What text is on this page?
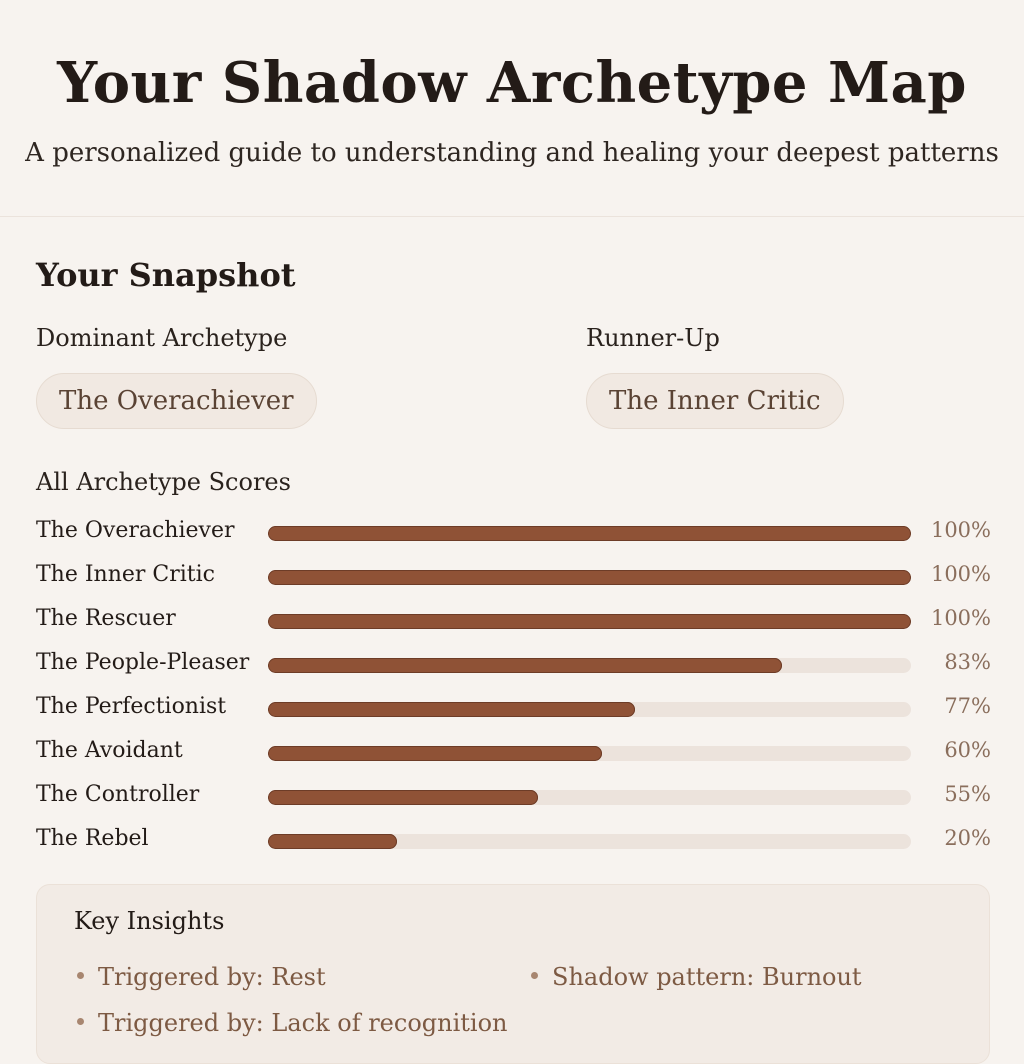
Your Shadow Archetype Map
A personalized guide to understanding and healing your deepest patterns
Your Snapshot
Dominant Archetype
The Overachiever
Runner-Up
The Inner Critic
All Archetype Scores
The Overachiever	100%
The Inner Critic	100%
The Rescuer	100%
The People-Pleaser	83%
The Perfectionist	77%
The Avoidant	60%
The Controller	55%
The Rebel	20%
Key Insights
Triggered by: Rest	Shadow pattern: Burnout
Triggered by: Lack of recognition
